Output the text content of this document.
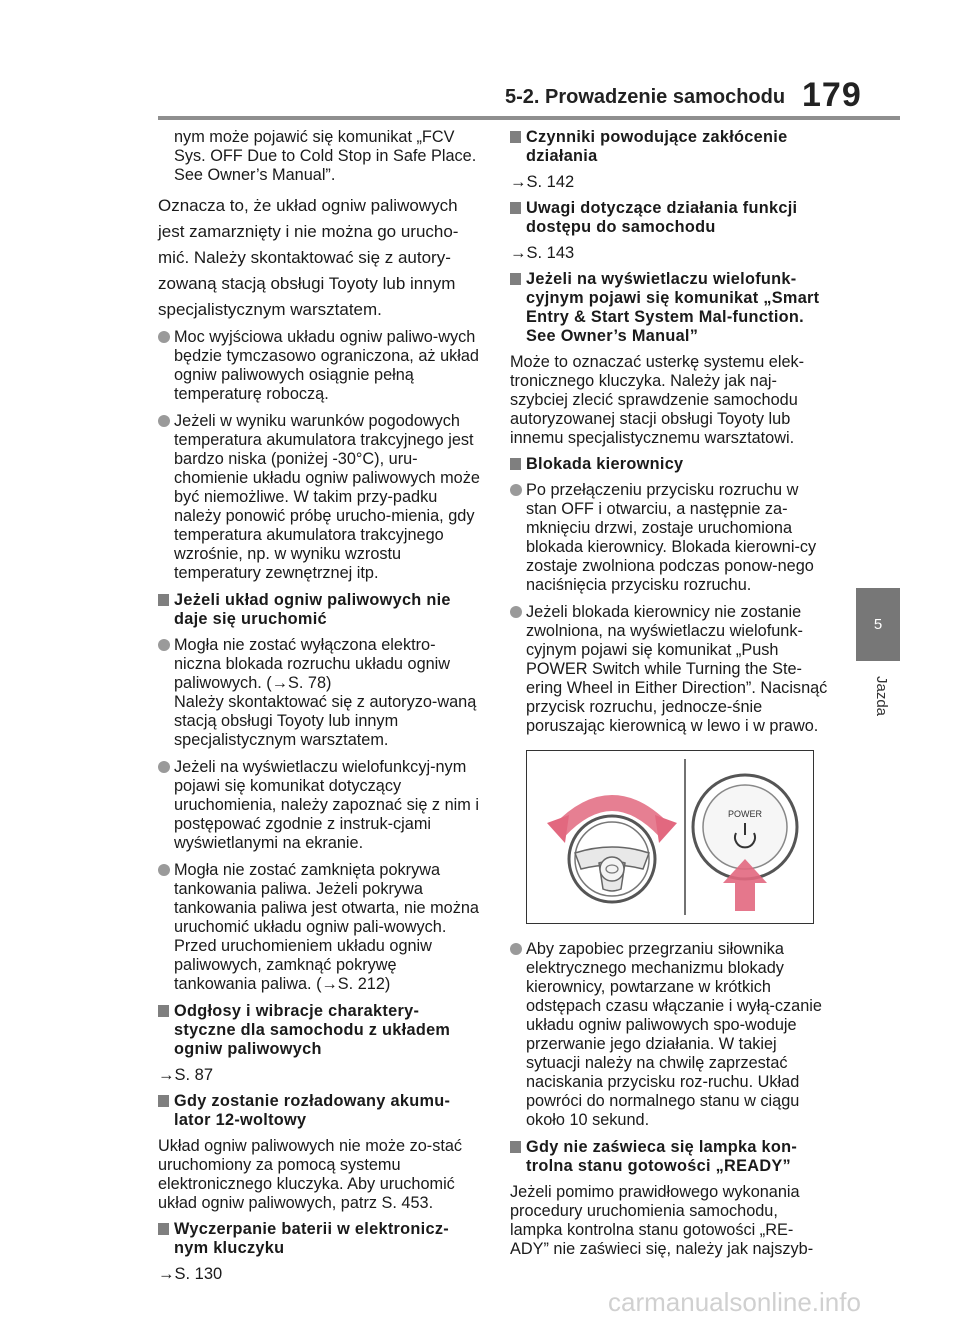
5-2. Prowadzenie samochodu 179

nym może pojawić się komunikat „FCV Sys. OFF Due to Cold Stop in Safe Place. See Owner’s Manual”.

Oznacza to, że układ ogniw paliwowych jest zamarznięty i nie można go urucho-mić. Należy skontaktować się z autory-zowaną stacją obsługi Toyoty lub innym specjalistycznym warsztatem.

Moc wyjściowa układu ogniw paliwo-wych będzie tymczasowo ograniczona, aż układ ogniw paliwowych osiągnie pełną temperaturę roboczą.
Jeżeli w wyniku warunków pogodowych temperatura akumulatora trakcyjnego jest bardzo niska (poniżej -30°C), uru-chomienie układu ogniw paliwowych może być niemożliwe. W takim przy-padku należy ponowić próbę urucho-mienia, gdy temperatura akumulatora trakcyjnego wzrośnie, np. w wyniku wzrostu temperatury zewnętrznej itp.
Jeżeli układ ogniw paliwowych nie daje się uruchomić
Mogła nie zostać wyłączona elektro-niczna blokada rozruchu układu ogniw paliwowych. (→S. 78)
Należy skontaktować się z autoryzo-waną stacją obsługi Toyoty lub innym specjalistycznym warsztatem.
Jeżeli na wyświetlaczu wielofunkcyj-nym pojawi się komunikat dotyczący uruchomienia, należy zapoznać się z nim i postępować zgodnie z instruk-cjami wyświetlanymi na ekranie.
Mogła nie zostać zamknięta pokrywa tankowania paliwa. Jeżeli pokrywa tankowania paliwa jest otwarta, nie można uruchomić układu ogniw pali-wowych. Przed uruchomieniem układu ogniw paliwowych, zamknąć pokrywę tankowania paliwa. (→S. 212)
Odgłosy i wibracje charaktery-styczne dla samochodu z układem ogniw paliwowych

→S. 87

Gdy zostanie rozładowany akumu-lator 12-woltowy

Układ ogniw paliwowych nie może zo-stać uruchomiony za pomocą systemu elektronicznego kluczyka. Aby uruchomić układ ogniw paliwowych, patrz S. 453.

Wyczerpanie baterii w elektronicz-nym kluczyku

→S. 130

Czynniki powodujące zakłócenie działania

→S. 142

Uwagi dotyczące działania funkcji dostępu do samochodu

→S. 143

Jeżeli na wyświetlaczu wielofunk-cyjnym pojawi się komunikat „Smart Entry & Start System Mal-function. See Owner’s Manual”

Może to oznaczać usterkę systemu elek-tronicznego kluczyka. Należy jak naj-szybciej zlecić sprawdzenie samochodu autoryzowanej stacji obsługi Toyoty lub innemu specjalistycznemu warsztatowi.

Blokada kierownicy
Po przełączeniu przycisku rozruchu w stan OFF i otwarciu, a następnie za-mknięciu drzwi, zostaje uruchomiona blokada kierownicy. Blokada kierowni-cy zostaje zwolniona podczas ponow-nego naciśnięcia przycisku rozruchu.
Jeżeli blokada kierownicy nie zostanie zwolniona, na wyświetlaczu wielofunk-cyjnym pojawi się komunikat „Push POWER Switch while Turning the Ste-ering Wheel in Either Direction”. Nacisnąć przycisk rozruchu, jednocze-śnie poruszając kierownicą w lewo i w prawo.
POWER
Aby zapobiec przegrzaniu siłownika elektrycznego mechanizmu blokady kierownicy, powtarzane w krótkich odstępach czasu włączanie i wyłą-czanie układu ogniw paliwowych spo-woduje przerwanie jego działania. W takiej sytuacji należy na chwilę zaprzestać naciskania przycisku roz-ruchu. Układ powróci do normalnego stanu w ciągu około 10 sekund.
Gdy nie zaświeca się lampka kon-trolna stanu gotowości „READY”

Jeżeli pomimo prawidłowego wykonania procedury uruchomienia samochodu, lampka kontrolna stanu gotowości „RE-ADY” nie zaświeci się, należy jak najszyb-

5
Jazda
carmanualsonline.info
